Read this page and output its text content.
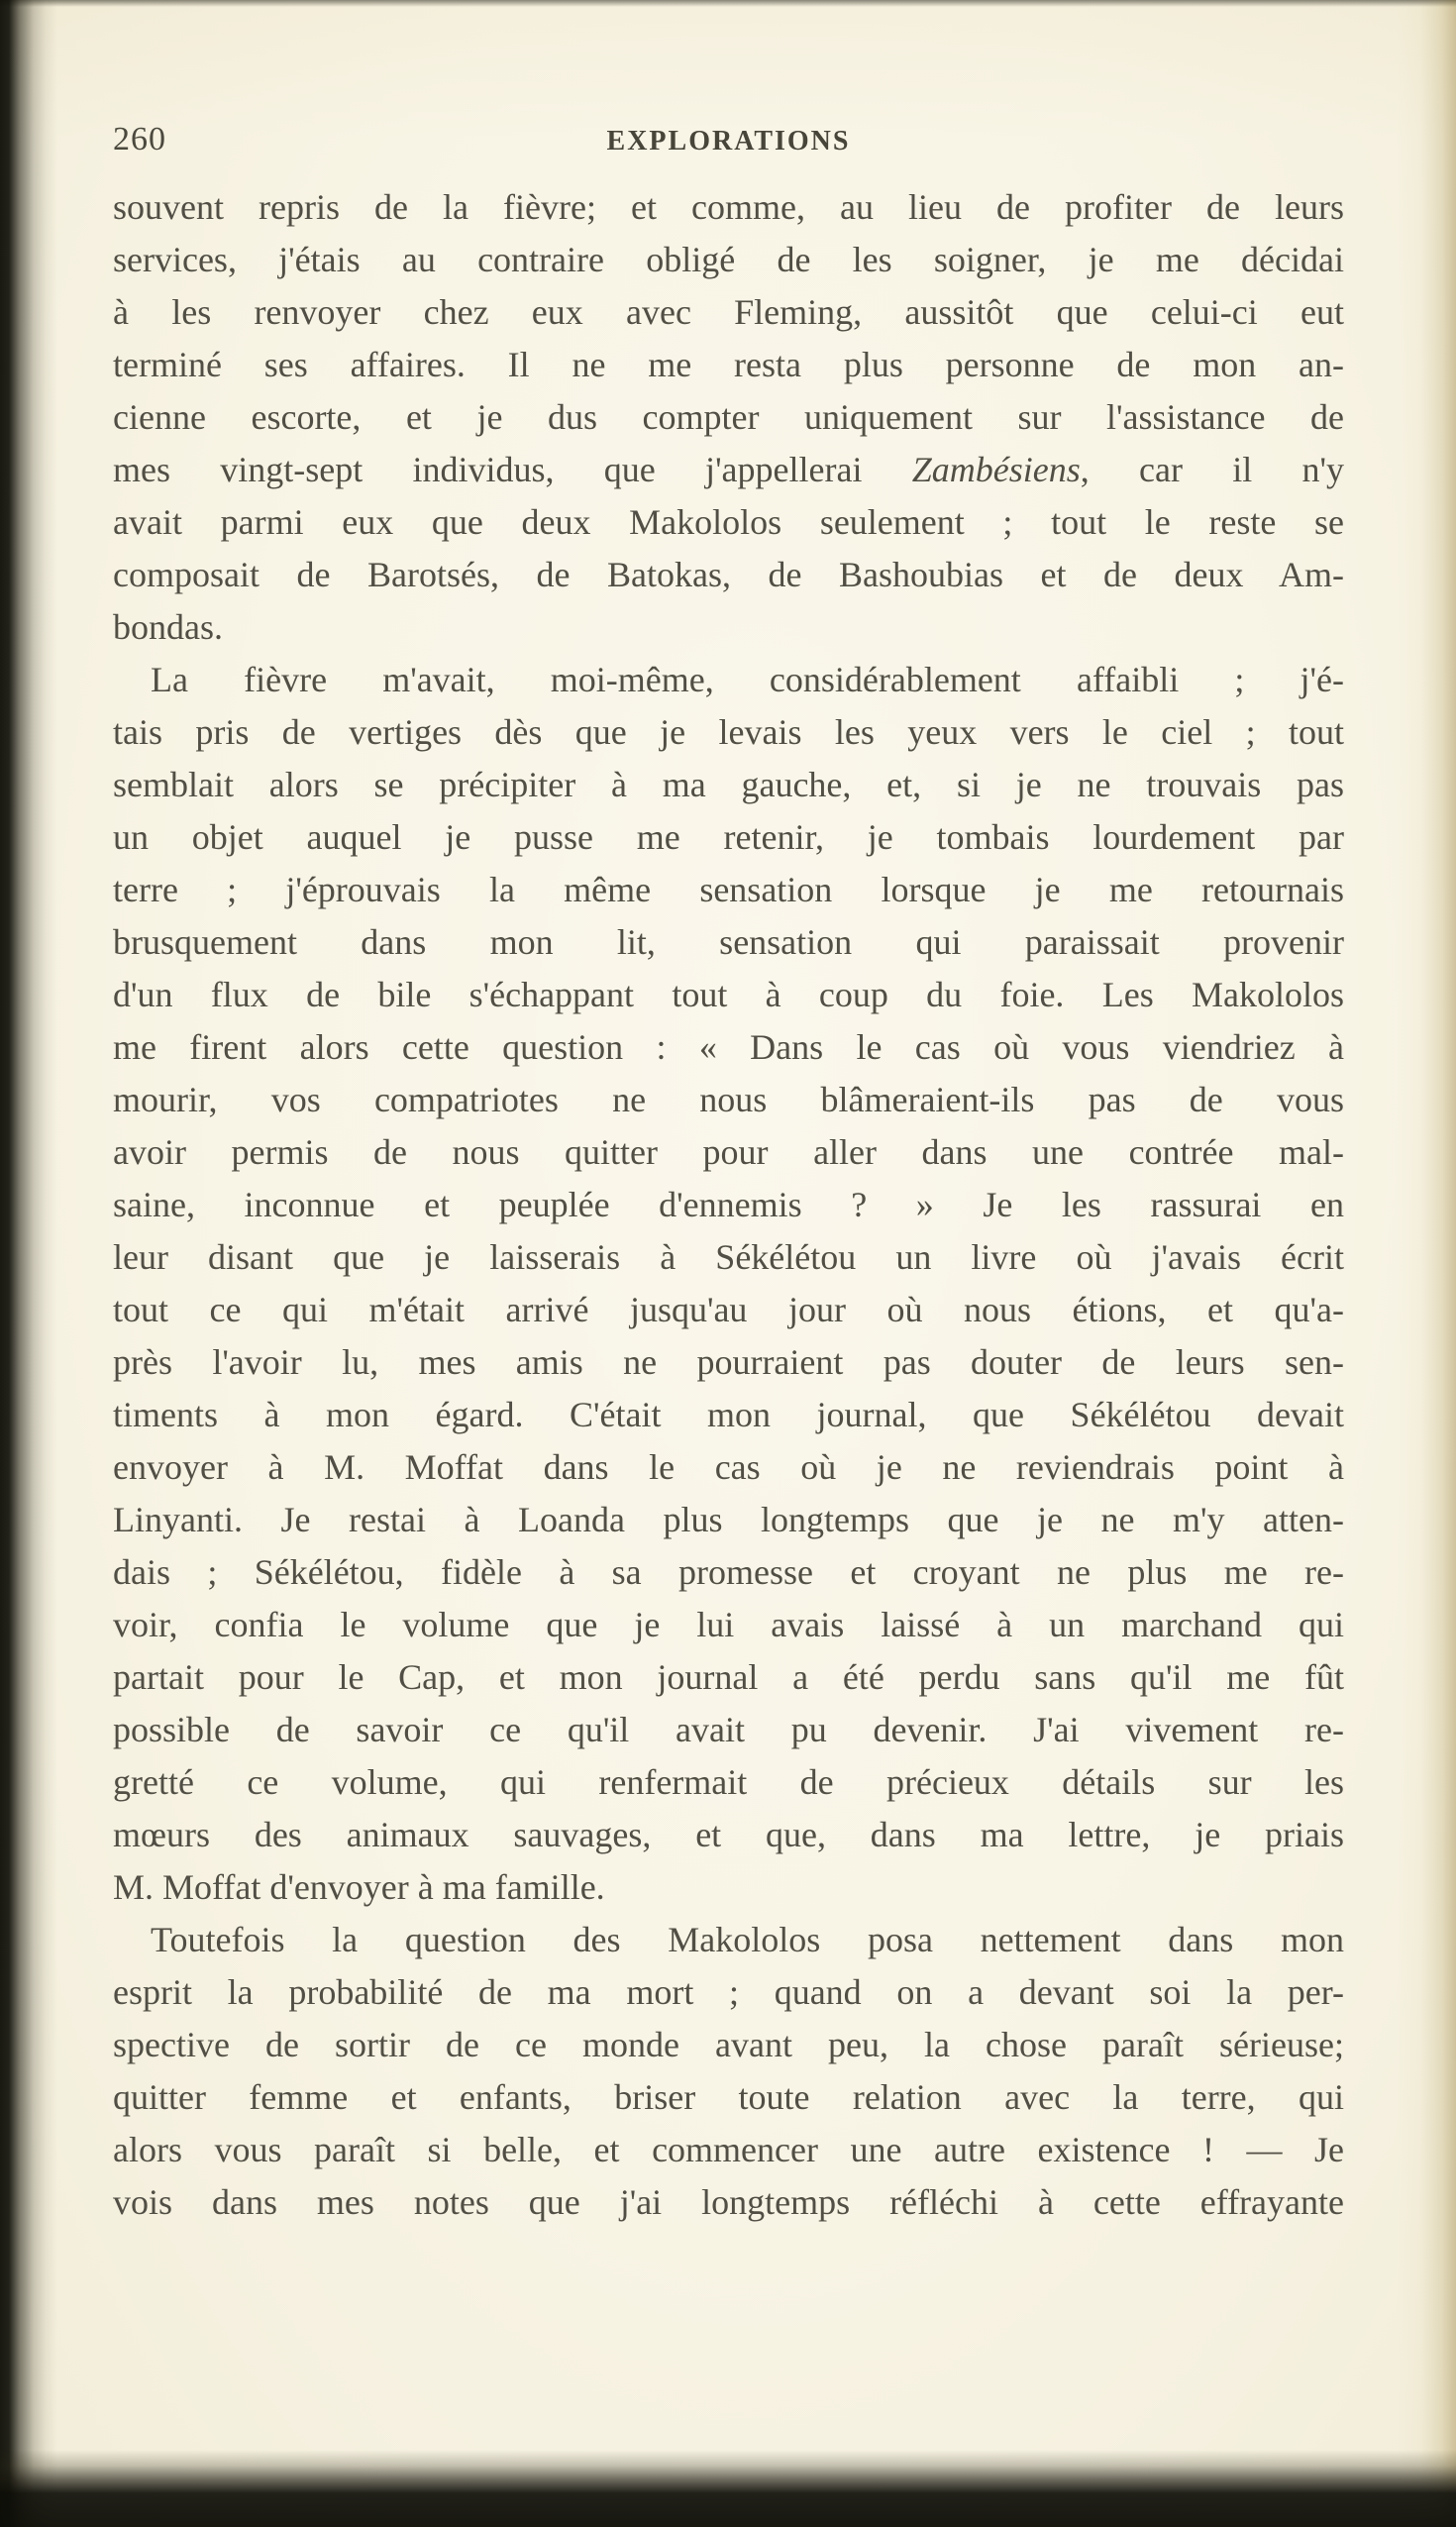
260	EXPLORATIONS
souvent repris de la fièvre; et comme, au lieu de profiter de leurs
services, j'étais au contraire obligé de les soigner, je me décidai
à les renvoyer chez eux avec Fleming, aussitôt que celui-ci eut
terminé ses affaires. Il ne me resta plus personne de mon an-
cienne escorte, et je dus compter uniquement sur l'assistance de
mes vingt-sept individus, que j'appellerai Zambésiens, car il n'y
avait parmi eux que deux Makololos seulement ; tout le reste se
composait de Barotsés, de Batokas, de Bashoubias et de deux Am-
bondas.
La fièvre m'avait, moi-même, considérablement affaibli ; j'é-
tais pris de vertiges dès que je levais les yeux vers le ciel ; tout
semblait alors se précipiter à ma gauche, et, si je ne trouvais pas
un objet auquel je pusse me retenir, je tombais lourdement par
terre ; j'éprouvais la même sensation lorsque je me retournais
brusquement dans mon lit, sensation qui paraissait provenir
d'un flux de bile s'échappant tout à coup du foie. Les Makololos
me firent alors cette question : « Dans le cas où vous viendriez à
mourir, vos compatriotes ne nous blâmeraient-ils pas de vous
avoir permis de nous quitter pour aller dans une contrée mal-
saine, inconnue et peuplée d'ennemis ? » Je les rassurai en
leur disant que je laisserais à Sékélétou un livre où j'avais écrit
tout ce qui m'était arrivé jusqu'au jour où nous étions, et qu'a-
près l'avoir lu, mes amis ne pourraient pas douter de leurs sen-
timents à mon égard. C'était mon journal, que Sékélétou devait
envoyer à M. Moffat dans le cas où je ne reviendrais point à
Linyanti. Je restai à Loanda plus longtemps que je ne m'y atten-
dais ; Sékélétou, fidèle à sa promesse et croyant ne plus me re-
voir, confia le volume que je lui avais laissé à un marchand qui
partait pour le Cap, et mon journal a été perdu sans qu'il me fût
possible de savoir ce qu'il avait pu devenir. J'ai vivement re-
gretté ce volume, qui renfermait de précieux détails sur les
mœurs des animaux sauvages, et que, dans ma lettre, je priais
M. Moffat d'envoyer à ma famille.
Toutefois la question des Makololos posa nettement dans mon
esprit la probabilité de ma mort ; quand on a devant soi la per-
spective de sortir de ce monde avant peu, la chose paraît sérieuse;
quitter femme et enfants, briser toute relation avec la terre, qui
alors vous paraît si belle, et commencer une autre existence ! — Je
vois dans mes notes que j'ai longtemps réfléchi à cette effrayante
